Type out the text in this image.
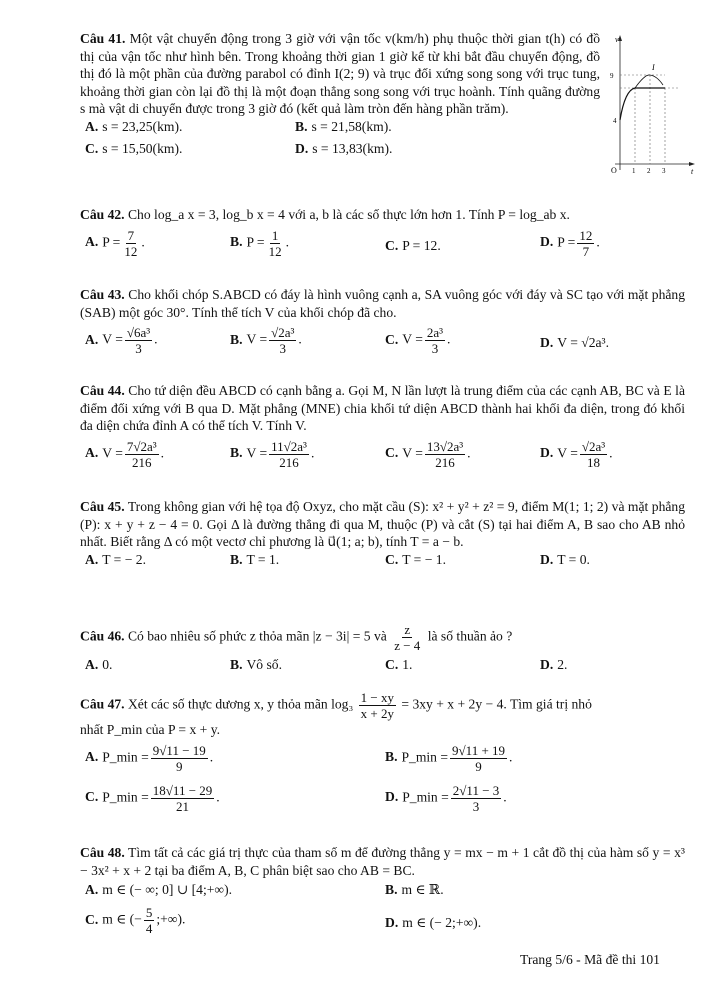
Câu 41. Một vật chuyển động trong 3 giờ với vận tốc v(km/h) phụ thuộc thời gian t(h) có đồ thị của vận tốc như hình bên. Trong khoảng thời gian 1 giờ kể từ khi bắt đầu chuyển động, đồ thị đó là một phần của đường parabol có đỉnh I(2; 9) và trục đối xứng song song với trục tung, khoảng thời gian còn lại đồ thị là một đoạn thẳng song song với trục hoành. Tính quãng đường s mà vật di chuyển được trong 3 giờ đó (kết quả làm tròn đến hàng phần trăm).
A. s = 23,25(km).	B. s = 21,58(km).
C. s = 15,50(km).	D. s = 13,83(km).
v
t
O
I
9
4
1 2 3
Câu 42. Cho log_a x = 3, log_b x = 4 với a, b là các số thực lớn hơn 1. Tính P = log_ab x.
A. $P = \frac{7}{12}$ .	B. $P = \frac{1}{12}$ .	C. P = 12.	D. $P = \frac{12}{7}$ .
Câu 43. Cho khối chóp S.ABCD có đáy là hình vuông cạnh a, SA vuông góc với đáy và SC tạo với mặt phẳng (SAB) một góc 30°. Tính thể tích V của khối chóp đã cho.
A. $V = \frac{\text{√6a³}}{3}$ .	B. $V = \frac{\text{√2a³}}{3}$ .	C. $V = \frac{\text{2a³}}{3}$ .	D. V = √2a³.
Câu 44. Cho tứ diện đều ABCD có cạnh bằng a. Gọi M, N lần lượt là trung điểm của các cạnh AB, BC và E là điểm đối xứng với B qua D. Mặt phẳng (MNE) chia khối tứ diện ABCD thành hai khối đa diện, trong đó khối đa diện chứa đỉnh A có thể tích V. Tính V.
A. $V = \frac{\text{7√2a³}}{216}$ .	B. $V = \frac{\text{11√2a³}}{216}$ .	C. $V = \frac{\text{13√2a³}}{216}$ .	D. $V = \frac{\text{√2a³}}{18}$ .
Câu 45. Trong không gian với hệ tọa độ Oxyz, cho mặt cầu (S): x² + y² + z² = 9, điểm M(1; 1; 2) và mặt phẳng (P): x + y + z − 4 = 0. Gọi Δ là đường thẳng đi qua M, thuộc (P) và cắt (S) tại hai điểm A, B sao cho AB nhỏ nhất. Biết rằng Δ có một vectơ chỉ phương là u⃗(1; a; b), tính T = a − b.
A. T = − 2.	B. T = 1.	C. T = − 1.	D. T = 0.
Câu 46. Có bao nhiêu số phức z thỏa mãn |z − 3i| = 5 và $\frac{z}{z - 4}$ là số thuần ảo ?
A. 0.	B. Vô số.	C. 1.	D. 2.
Câu 47. Xét các số thực dương x, y thỏa mãn $\log_3 \frac{1 - xy}{x + 2y} = 3xy + x + 2y - 4$. Tìm giá trị nhỏ
nhất P_min của P = x + y.
A. P_min = $\frac{9√11 - 19}{9}$ .	B. P_min = $\frac{9√11 + 19}{9}$ .
C. P_min = $\frac{18√11 - 29}{21}$ .	D. P_min = $\frac{2√11 - 3}{3}$ .
Câu 48. Tìm tất cả các giá trị thực của tham số m để đường thẳng y = mx − m + 1 cắt đồ thị của hàm số y = x³ − 3x² + x + 2 tại ba điểm A, B, C phân biệt sao cho AB = BC.
A. m ∈ (− ∞; 0] ∪ [4;+∞).	B. m ∈ ℝ.
C. m ∈ (− $\frac{5}{4}$ ;+∞).	D. m ∈ (− 2;+∞).
Trang 5/6 - Mã đề thi 101
